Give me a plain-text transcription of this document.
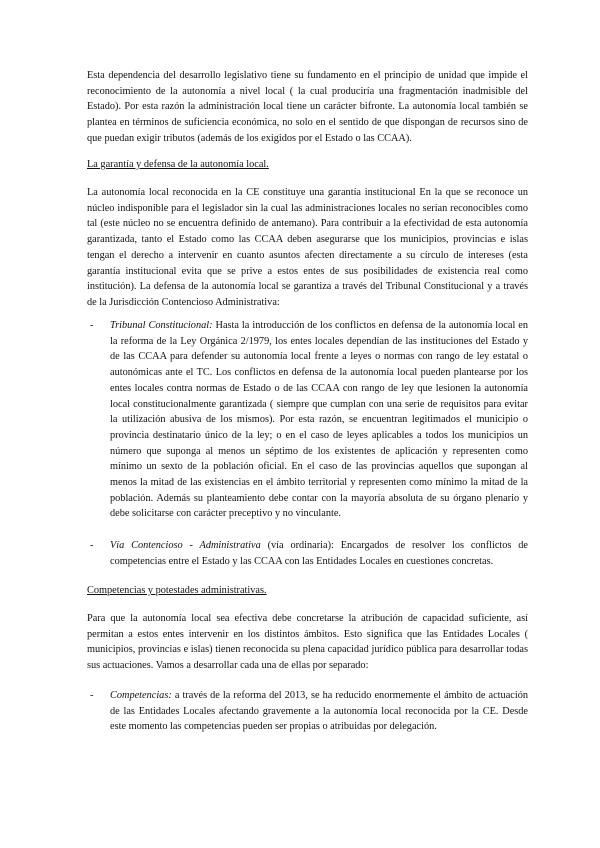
Esta dependencia del desarrollo legislativo tiene su fundamento en el principio de unidad que impide el reconocimiento de la autonomía a nivel local ( la cual produciría una fragmentación inadmisible del Estado). Por esta razón la administración local tiene un carácter bifronte. La autonomía local también se plantea en términos de suficiencia económica, no solo en el sentido de que dispongan de recursos sino de que puedan exigir tributos (además de los exigidos por el Estado o las CCAA).
La garantía y defensa de la autonomía local.
La autonomía local reconocida en la CE constituye una garantía institucional En la que se reconoce un núcleo indisponible para el legislador sin la cual las administraciones locales no serían reconocibles como tal (este núcleo no se encuentra definido de antemano). Para contribuir a la efectividad de esta autonomía garantizada, tanto el Estado como las CCAA deben asegurarse que los municipios, provincias e islas tengan el derecho a intervenir en cuanto asuntos afecten directamente a su círculo de intereses (esta garantía institucional evita que se prive a estos entes de sus posibilidades de existencia real como institución). La defensa de la autonomía local se garantiza a través del Tribunal Constitucional y a través de la Jurisdicción Contencioso Administrativa:
- Tribunal Constitucional: Hasta la introducción de los conflictos en defensa de la autonomía local en la reforma de la Ley Orgánica 2/1979, los entes locales dependían de las instituciones del Estado y de las CCAA para defender su autonomía local frente a leyes o normas con rango de ley estatal o autonómicas ante el TC. Los conflictos en defensa de la autonomía local pueden plantearse por los entes locales contra normas de Estado o de las CCAA con rango de ley que lesionen la autonomía local constitucionalmente garantizada ( siempre que cumplan con una serie de requisitos para evitar la utilización abusiva de los mismos). Por esta razón, se encuentran legitimados el municipio o provincia destinatario único de la ley; o en el caso de leyes aplicables a todos los municipios un número que suponga al menos un séptimo de los existentes de aplicación y representen como mínimo un sexto de la población oficial. En el caso de las provincias aquellos que supongan al menos la mitad de las existencias en el ámbito territorial y representen como mínimo la mitad de la población. Además su planteamiento debe contar con la mayoría absoluta de su órgano plenario y debe solicitarse con carácter preceptivo y no vinculante.
- Vía Contencioso - Administrativa (vía ordinaria): Encargados de resolver los conflictos de competencias entre el Estado y las CCAA con las Entidades Locales en cuestiones concretas.
Competencias y potestades administrativas.
Para que la autonomía local sea efectiva debe concretarse la atribución de capacidad suficiente, así permitan a estos entes intervenir en los distintos ámbitos. Esto significa que las Entidades Locales ( municipios, provincias e islas) tienen reconocida su plena capacidad jurídico pública para desarrollar todas sus actuaciones. Vamos a desarrollar cada una de ellas por separado:
- Competencias: a través de la reforma del 2013, se ha reducido enormemente el ámbito de actuación de las Entidades Locales afectando gravemente a la autonomía local reconocida por la CE. Desde este momento las competencias pueden ser propias o atribuidas por delegación.
